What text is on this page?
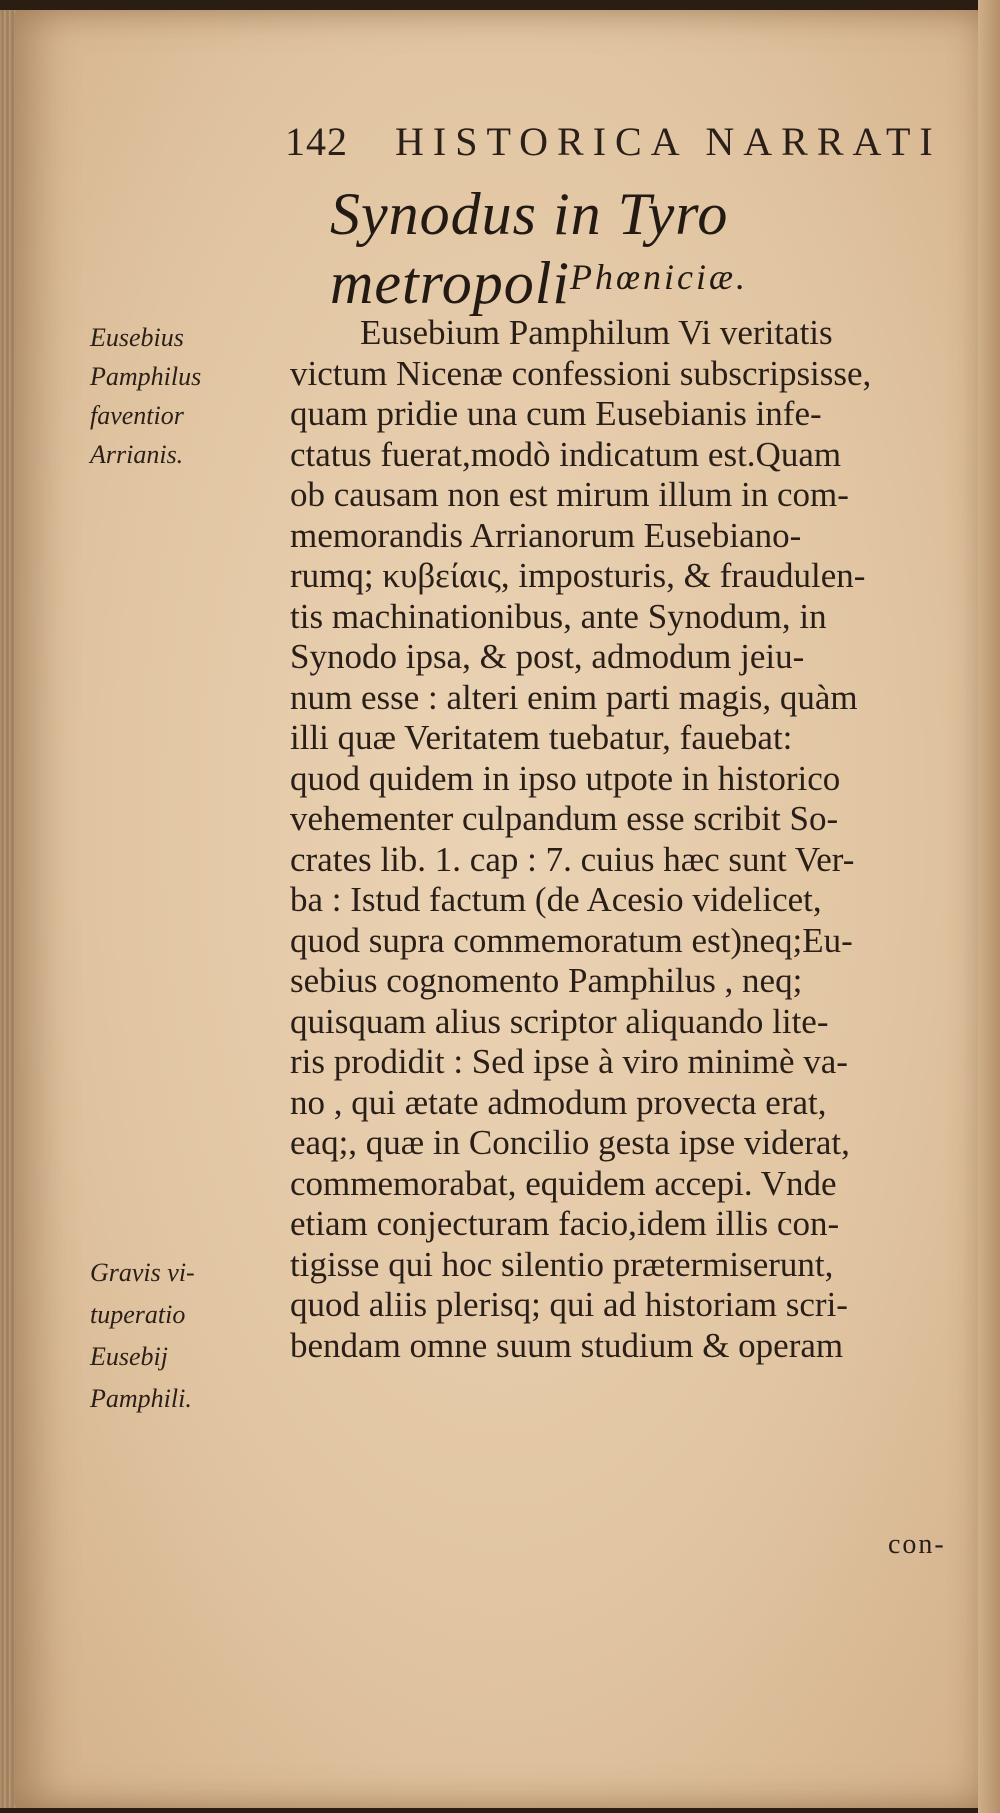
142 HISTORICA NARRATI
Synodus in Tyro metropoli Phœniciæ.
Eusebius
Pamphilus
faventior
Arrianis.
Gravis vi-
tuperatio
Eusebij
Pamphili.
Eusebium Pamphilum Vi veritatis
victum Nicenæ confessioni subscripsisse,
quam pridie una cum Eusebianis infe-
ctatus fuerat,modò indicatum est.Quam
ob causam non est mirum illum in com-
memorandis Arrianorum Eusebiano-
rumq; κυβείαις, imposturis, & fraudulen-
tis machinationibus, ante Synodum, in
Synodo ipsa, & post, admodum jeiu-
num esse : alteri enim parti magis, quàm
illi quæ Veritatem tuebatur, fauebat:
quod quidem in ipso utpote in historico
vehementer culpandum esse scribit So-
crates lib. 1. cap : 7. cuius hæc sunt Ver-
ba : Istud factum (de Acesio videlicet,
quod supra commemoratum est)neq;Eu-
sebius cognomento Pamphilus , neq;
quisquam alius scriptor aliquando lite-
ris prodidit : Sed ipse à viro minimè va-
no , qui ætate admodum provecta erat,
eaq;, quæ in Concilio gesta ipse viderat,
commemorabat, equidem accepi. Vnde
etiam conjecturam facio,idem illis con-
tigisse qui hoc silentio prætermiserunt,
quod aliis plerisq; qui ad historiam scri-
bendam omne suum studium & operam
con-
